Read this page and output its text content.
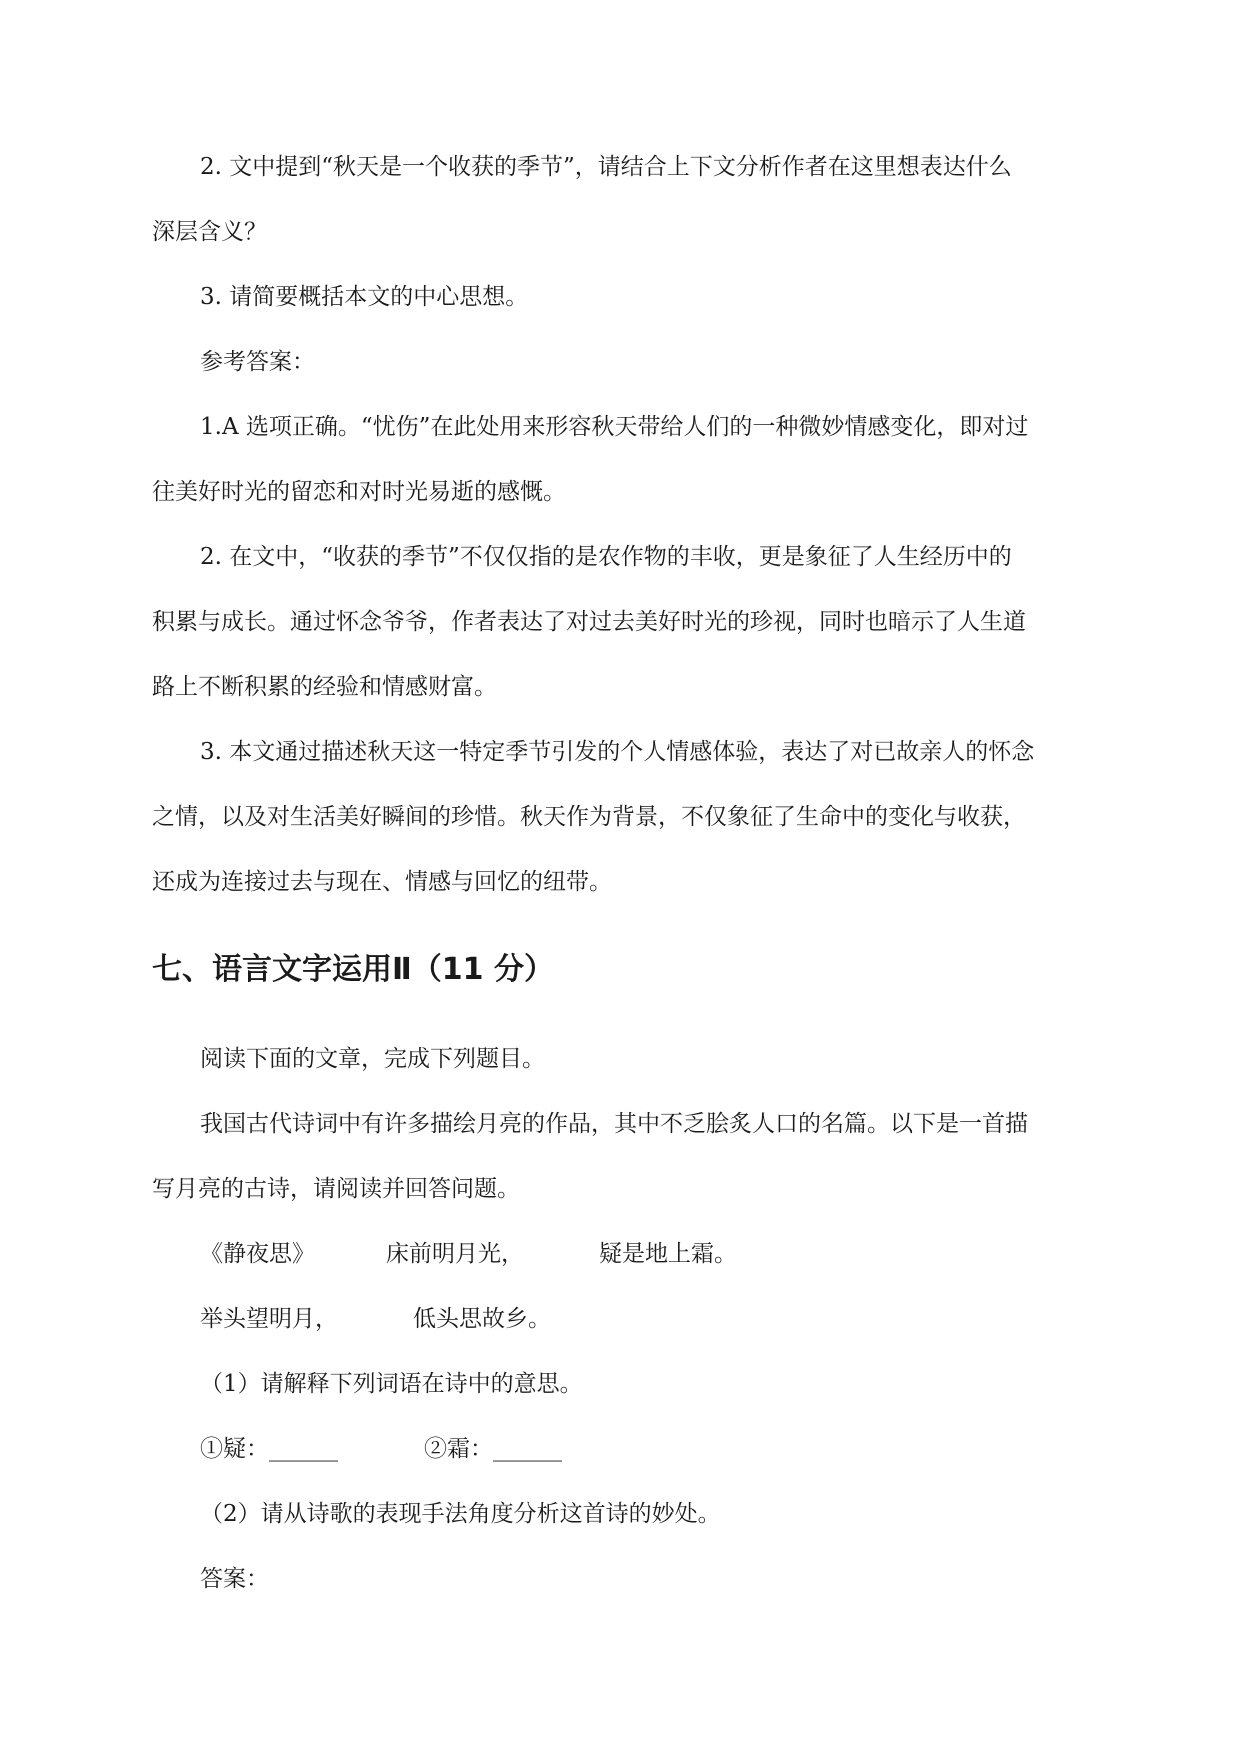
2. 文中提到“秋天是一个收获的季节”，请结合上下文分析作者在这里想表达什么

深层含义？

3. 请简要概括本文的中心思想。

参考答案：

1.A 选项正确。“忧伤”在此处用来形容秋天带给人们的一种微妙情感变化，即对过

往美好时光的留恋和对时光易逝的感慨。

2. 在文中，“收获的季节”不仅仅指的是农作物的丰收，更是象征了人生经历中的

积累与成长。通过怀念爷爷，作者表达了对过去美好时光的珍视，同时也暗示了人生道

路上不断积累的经验和情感财富。

3. 本文通过描述秋天这一特定季节引发的个人情感体验，表达了对已故亲人的怀念

之情，以及对生活美好瞬间的珍惜。秋天作为背景，不仅象征了生命中的变化与收获，

还成为连接过去与现在、情感与回忆的纽带。

七、语言文字运用Ⅱ（11 分）

阅读下面的文章，完成下列题目。

我国古代诗词中有许多描绘月亮的作品，其中不乏脍炙人口的名篇。以下是一首描

写月亮的古诗，请阅读并回答问题。

《静夜思》	床前明月光，	疑是地上霜。
举头望明月，	低头思故乡。

（1）请解释下列词语在诗中的意思。

①疑：______	②霜：______

（2）请从诗歌的表现手法角度分析这首诗的妙处。

答案：
